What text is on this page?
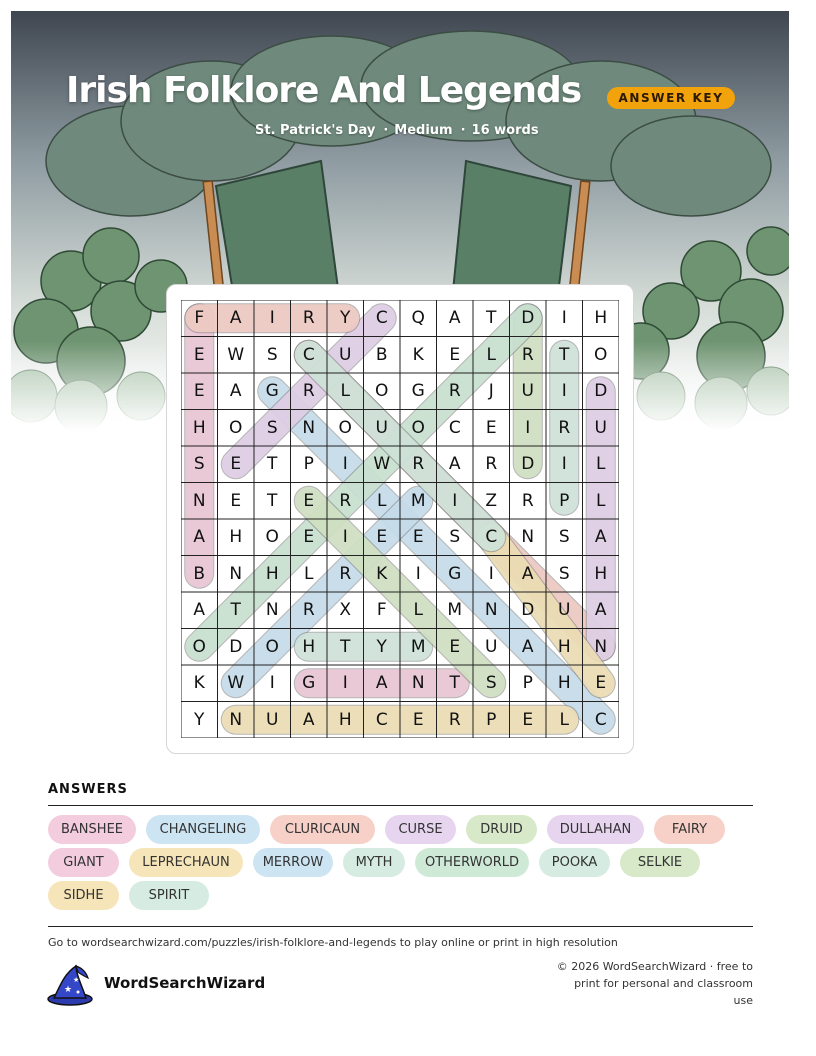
Irish Folklore And Legends	ANSWER KEY
St. Patrick's Day · Medium · 16 words
F	A	I	R	Y	C	Q	A	T	D	I	H
E	W	S	C	U	B	K	E	L	R	T	O
E	A	G	R	L	O	G	R	J	U	I	D
H	O	S	N	O	U	O	C	E	I	R	U
S	E	T	P	I	W	R	A	R	D	I	L
N	E	T	E	R	L	M	I	Z	R	P	L
A	H	O	E	I	E	E	S	C	N	S	A
B	N	H	L	R	K	I	G	I	A	S	H
A	T	N	R	X	F	L	M	N	D	U	A
O	D	O	H	T	Y	M	E	U	A	H	N
K	W	I	G	I	A	N	T	S	P	H	E
Y	N	U	A	H	C	E	R	P	E	L	C
ANSWERS
BANSHEE	CHANGELING	CLURICAUN	CURSE	DRUID	DULLAHAN	FAIRY
GIANT	LEPRECHAUN	MERROW	MYTH	OTHERWORLD	POOKA	SELKIE
SIDHE	SPIRIT
Go to wordsearchwizard.com/puzzles/irish-folklore-and-legends to play online or print in high resolution
★
★ WordSearchWizard
© 2026 WordSearchWizard · free to print for personal and classroom use
